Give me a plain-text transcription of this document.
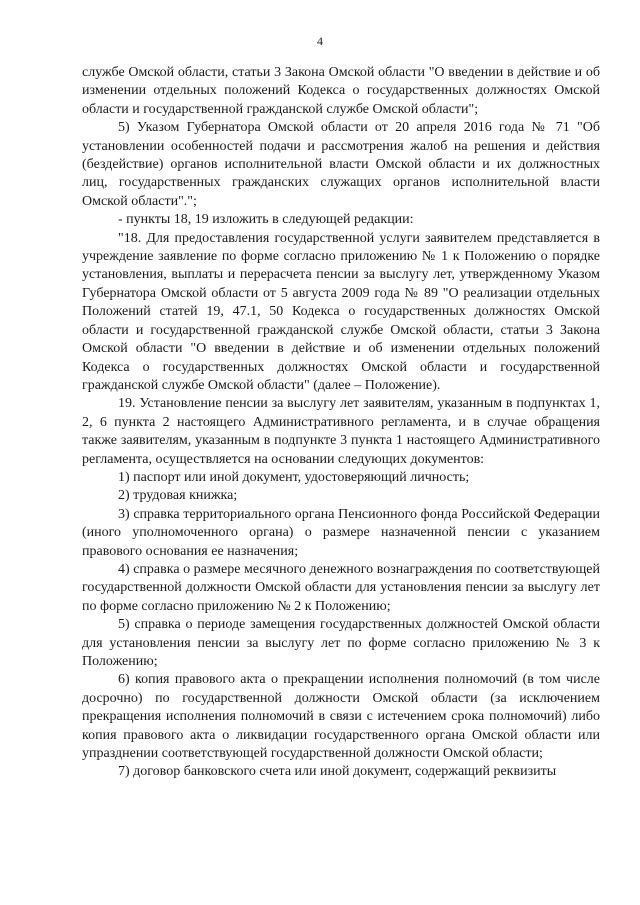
4

службе Омской области, статьи 3 Закона Омской области "О введении в действие и об изменении отдельных положений Кодекса о государственных должностях Омской области и государственной гражданской службе Омской области";

5) Указом Губернатора Омской области от 20 апреля 2016 года № 71 "Об установлении особенностей подачи и рассмотрения жалоб на решения и действия (бездействие) органов исполнительной власти Омской области и их должностных лиц, государственных гражданских служащих органов исполнительной власти Омской области".";

- пункты 18, 19 изложить в следующей редакции:

"18. Для предоставления государственной услуги заявителем представляется в учреждение заявление по форме согласно приложению № 1 к Положению о порядке установления, выплаты и перерасчета пенсии за выслугу лет, утвержденному Указом Губернатора Омской области от 5 августа 2009 года № 89 "О реализации отдельных Положений статей 19, 47.1, 50 Кодекса о государственных должностях Омской области и государственной гражданской службе Омской области, статьи 3 Закона Омской области "О введении в действие и об изменении отдельных положений Кодекса о государственных должностях Омской области и государственной гражданской службе Омской области" (далее – Положение).

19. Установление пенсии за выслугу лет заявителям, указанным в подпунктах 1, 2, 6 пункта 2 настоящего Административного регламента, и в случае обращения также заявителям, указанным в подпункте 3 пункта 1 настоящего Административного регламента, осуществляется на основании следующих документов:

1) паспорт или иной документ, удостоверяющий личность;

2) трудовая книжка;

3) справка территориального органа Пенсионного фонда Российской Федерации (иного уполномоченного органа) о размере назначенной пенсии с указанием правового основания ее назначения;

4) справка о размере месячного денежного вознаграждения по соответствующей государственной должности Омской области для установления пенсии за выслугу лет по форме согласно приложению № 2 к Положению;

5) справка о периоде замещения государственных должностей Омской области для установления пенсии за выслугу лет по форме согласно приложению № 3 к Положению;

6) копия правового акта о прекращении исполнения полномочий (в том числе досрочно) по государственной должности Омской области (за исключением прекращения исполнения полномочий в связи с истечением срока полномочий) либо копия правового акта о ликвидации государственного органа Омской области или упразднении соответствующей государственной должности Омской области;

7) договор банковского счета или иной документ, содержащий реквизиты
